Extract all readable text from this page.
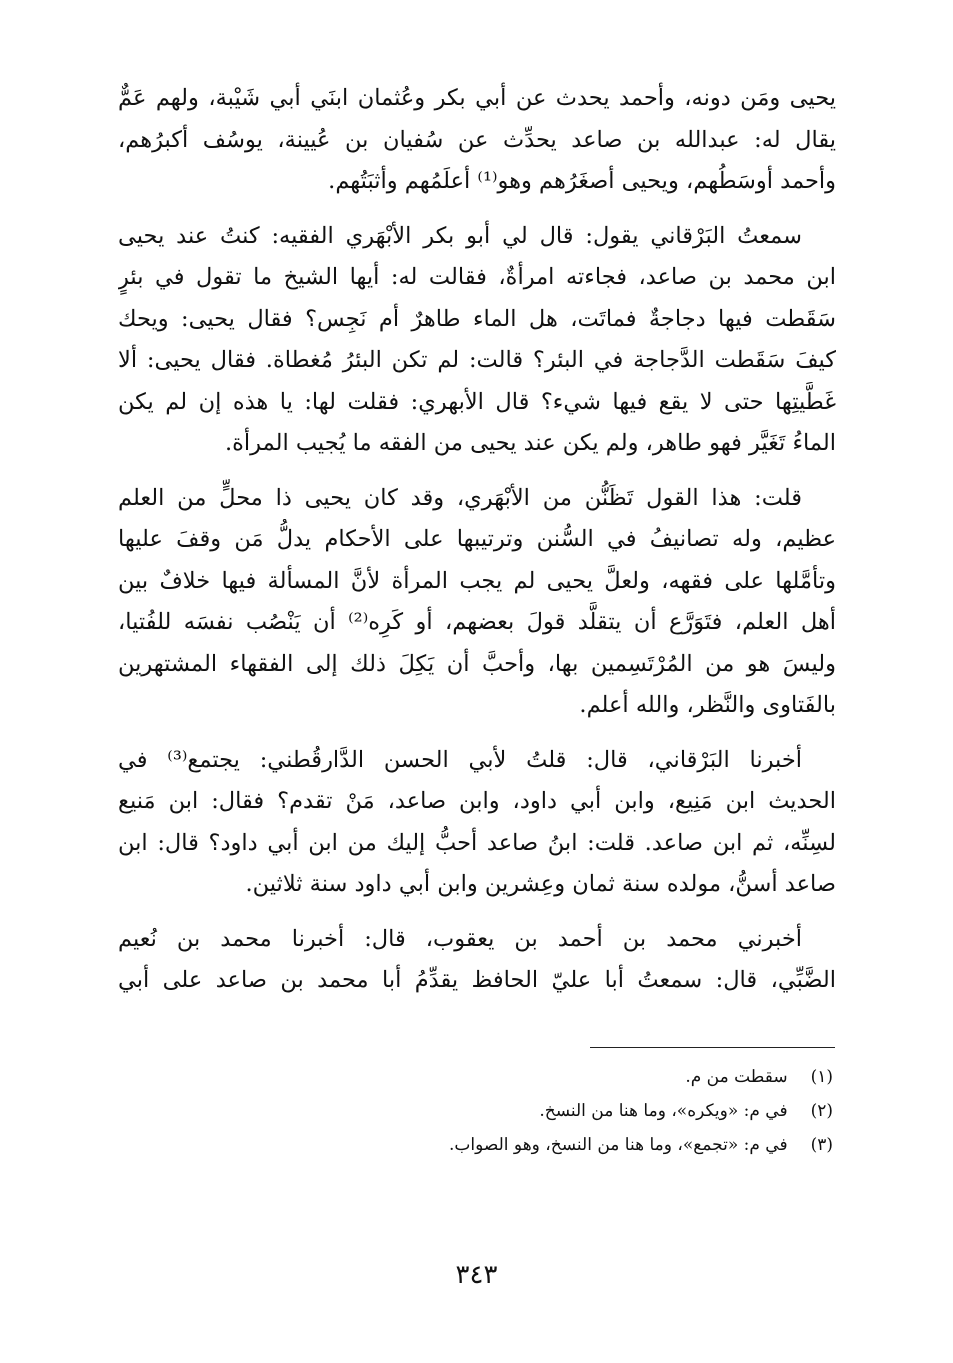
يحيى ومَن دونه، وأحمد يحدث عن أبي بكر وعُثمان ابنَي أبي شَيْبة، ولهم عَمٌّ
يقال له: عبدالله بن صاعد يحدِّث عن سُفيان بن عُيينة، يوسُف أكبرُهم،
وأحمد أوسَطُهم، ويحيى أصغَرُهم وهو⁽¹⁾ أعلَمُهم وأثبَتُهم.

سمعتُ البَرْقاني يقول: قال لي أبو بكر الأبْهَري الفقيه: كنتُ عند يحيى
ابن محمد بن صاعد، فجاءته امرأةٌ، فقالت له: أيها الشيخ ما تقول في بئرٍ
سَقَطت فيها دجاجةٌ فماتَت، هل الماء طاهرٌ أم نَجِس؟ فقال يحيى: ويحك
كيفَ سَقَطت الدَّجاجة في البئر؟ قالت: لم تكن البئرُ مُغطاة. فقال يحيى: ألا
غَطَّيتِها حتى لا يقع فيها شيء؟ قال الأبهري: فقلت لها: يا هذه إن لم يكن
الماءُ تَغَيَّر فهو طاهر، ولم يكن عند يحيى من الفقه ما يُجيب المرأة.

قلت: هذا القول تَظَنُّن من الأبْهَري، وقد كان يحيى ذا محلٍّ من العلم
عظيم، وله تصانيفُ في السُّنن وترتيبها على الأحكام يدلُّ مَن وقفَ عليها
وتأمَّلها على فقهه، ولعلَّ يحيى لم يجب المرأة لأنَّ المسألة فيها خلافٌ بين
أهل العلم، فتَوَرَّع أن يتقلَّد قولَ بعضهم، أو كَرِه⁽²⁾ أن يَنْصُب نفسَه للفُتيا،
وليسَ هو من المُرْتَسِمين بها، وأحبَّ أن يَكِلَ ذلك إلى الفقهاء المشتهرين
بالفَتاوى والنَّظر، والله أعلم.

أخبرنا البَرْقاني، قال: قلتُ لأبي الحسن الدَّارقُطني: يجتمع⁽³⁾ في
الحديث ابن مَنِيع، وابن أبي داود، وابن صاعد، مَنْ تقدم؟ فقال: ابن مَنيع
لسِنِّه، ثم ابن صاعد. قلت: ابنُ صاعد أحبُّ إليك من ابن أبي داود؟ قال: ابن
صاعد أسنُّ، مولده سنة ثمان وعِشرين وابن أبي داود سنة ثلاثين.

أخبرني محمد بن أحمد بن يعقوب، قال: أخبرنا محمد بن نُعيم
الضَّبِّي، قال: سمعتُ أبا عليّ الحافظ يقدِّمُ أبا محمد بن صاعد على أبي

(١) سقطت من م.
(٢) في م: «ويكره»، وما هنا من النسخ.
(٣) في م: «تجمع»، وما هنا من النسخ، وهو الصواب.
٣٤٣
